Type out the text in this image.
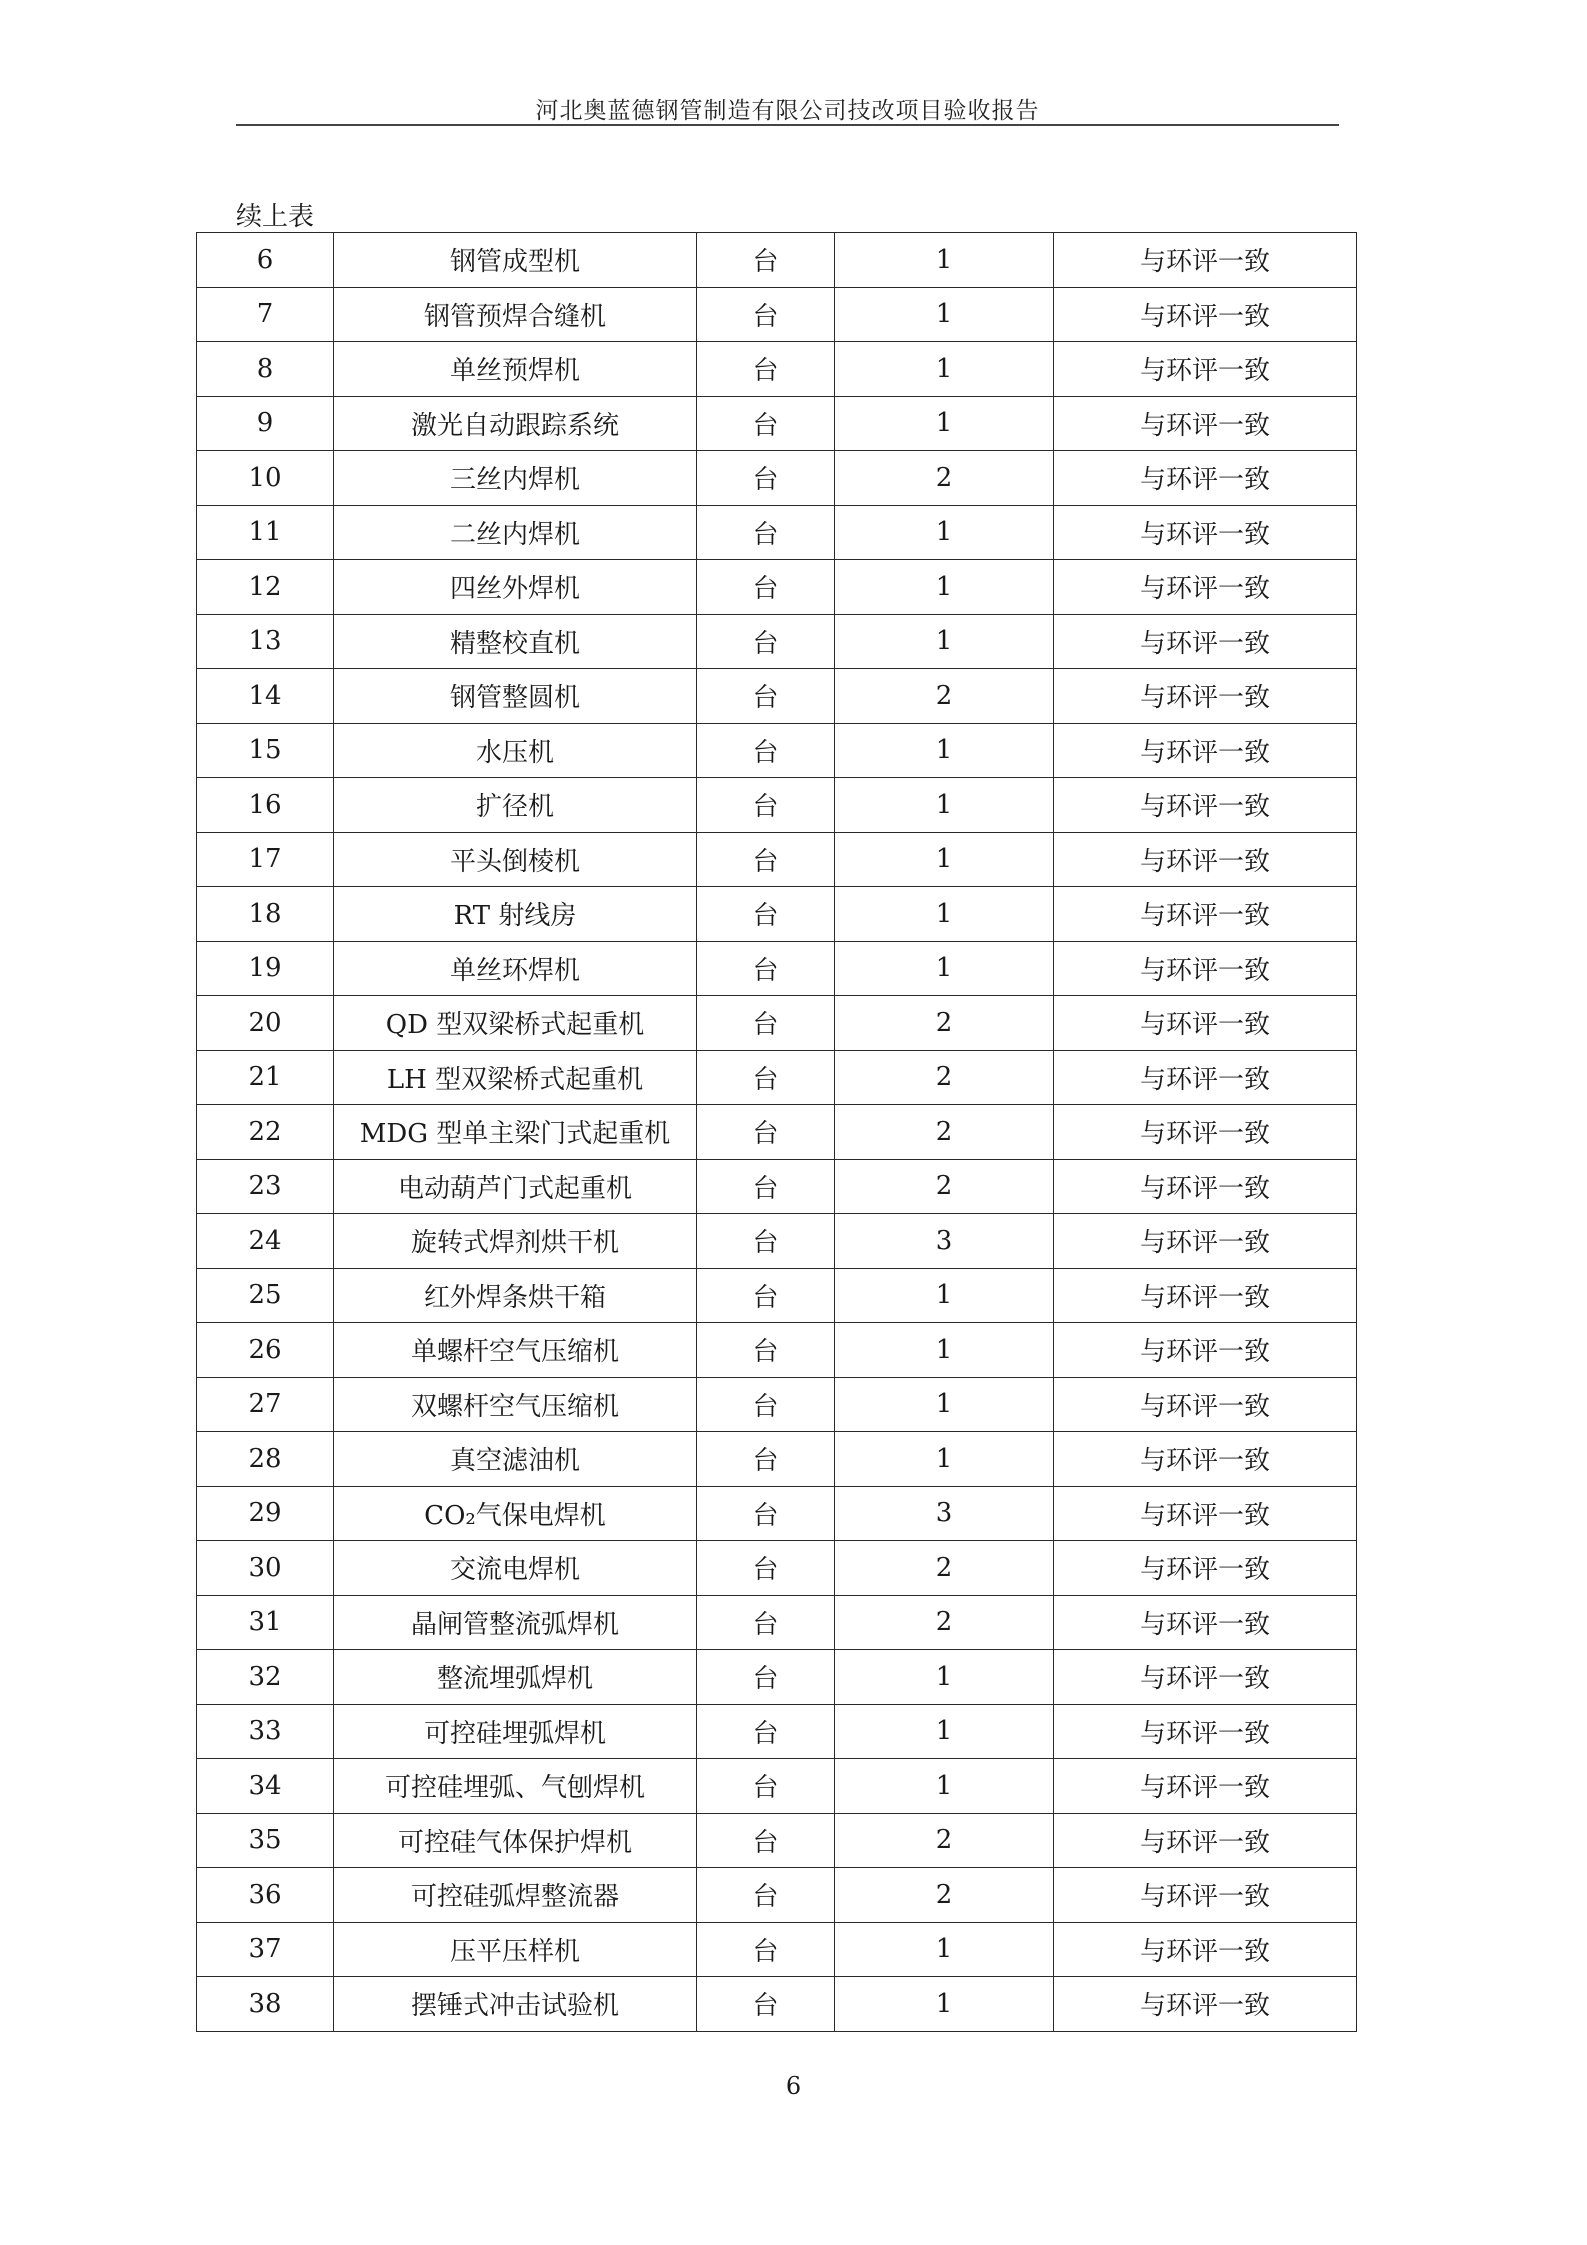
河北奥蓝德钢管制造有限公司技改项目验收报告
续上表
6	钢管成型机	台	1	与环评一致
7	钢管预焊合缝机	台	1	与环评一致
8	单丝预焊机	台	1	与环评一致
9	激光自动跟踪系统	台	1	与环评一致
10	三丝内焊机	台	2	与环评一致
11	二丝内焊机	台	1	与环评一致
12	四丝外焊机	台	1	与环评一致
13	精整校直机	台	1	与环评一致
14	钢管整圆机	台	2	与环评一致
15	水压机	台	1	与环评一致
16	扩径机	台	1	与环评一致
17	平头倒棱机	台	1	与环评一致
18	RT 射线房	台	1	与环评一致
19	单丝环焊机	台	1	与环评一致
20	QD 型双梁桥式起重机	台	2	与环评一致
21	LH 型双梁桥式起重机	台	2	与环评一致
22	MDG 型单主梁门式起重机	台	2	与环评一致
23	电动葫芦门式起重机	台	2	与环评一致
24	旋转式焊剂烘干机	台	3	与环评一致
25	红外焊条烘干箱	台	1	与环评一致
26	单螺杆空气压缩机	台	1	与环评一致
27	双螺杆空气压缩机	台	1	与环评一致
28	真空滤油机	台	1	与环评一致
29	CO₂气保电焊机	台	3	与环评一致
30	交流电焊机	台	2	与环评一致
31	晶闸管整流弧焊机	台	2	与环评一致
32	整流埋弧焊机	台	1	与环评一致
33	可控硅埋弧焊机	台	1	与环评一致
34	可控硅埋弧、气刨焊机	台	1	与环评一致
35	可控硅气体保护焊机	台	2	与环评一致
36	可控硅弧焊整流器	台	2	与环评一致
37	压平压样机	台	1	与环评一致
38	摆锤式冲击试验机	台	1	与环评一致
6
